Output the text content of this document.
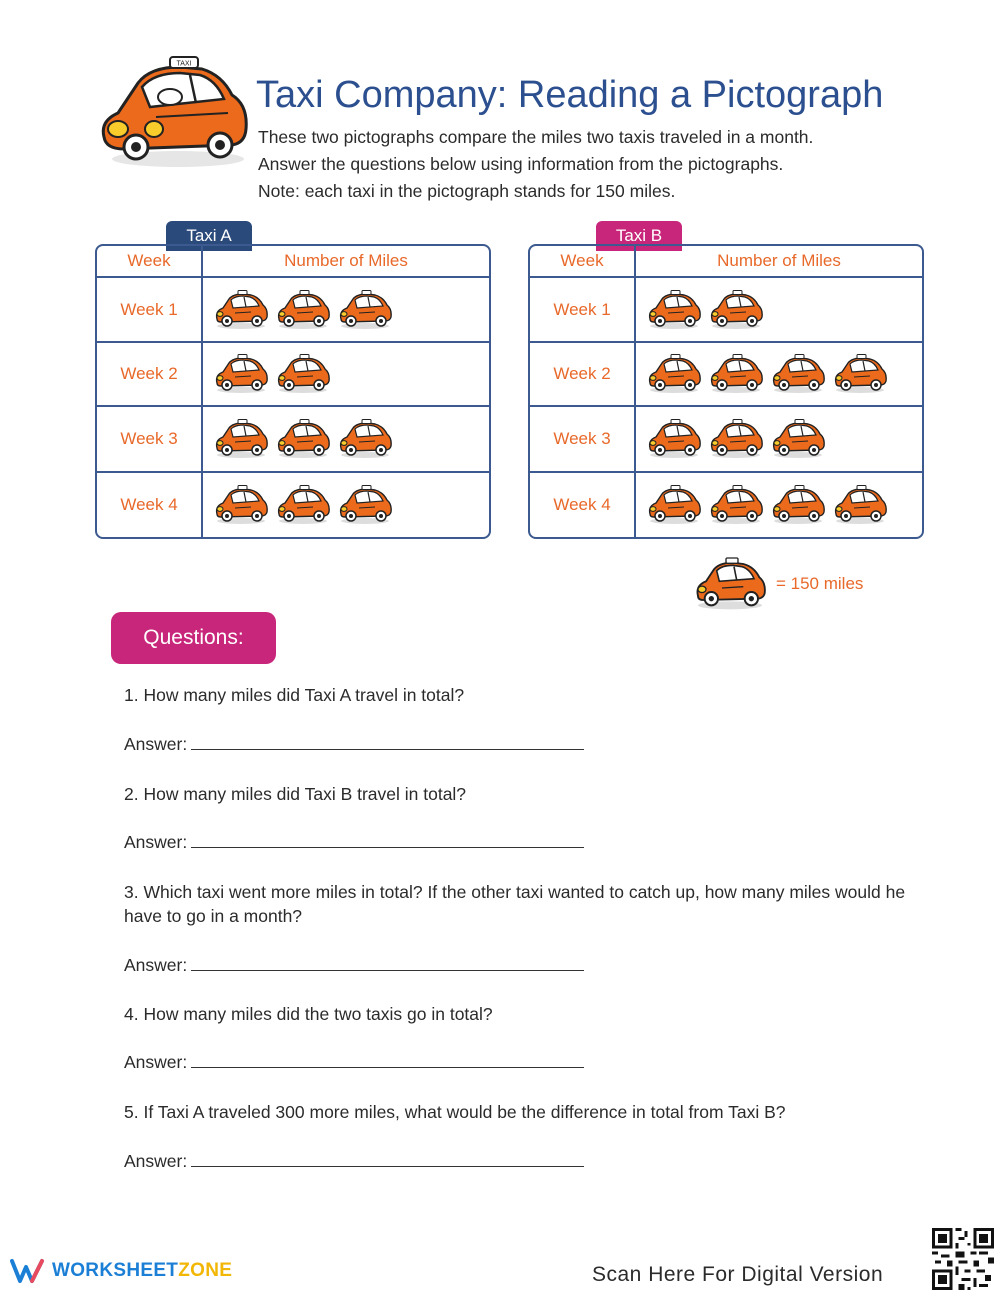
TAXI
Taxi Company: Reading a Pictograph
These two pictographs compare the miles two taxis traveled in a month.
Answer the questions below using information from the pictographs.
Note: each taxi in the pictograph stands for 150 miles.
Taxi A
Week	Number of Miles
Week 1	

Week 2	

Week 3	

Week 4	
Taxi B
Week	Number of Miles
Week 1	

Week 2	

Week 3	

Week 4	
= 150 miles
Questions:
1. How many miles did Taxi A travel in total?
Answer:
2. How many miles did Taxi B travel in total?
Answer:
3. Which taxi went more miles in total? If the other taxi wanted to catch up, how many miles would he have to go in a month?
Answer:
4. How many miles did the two taxis go in total?
Answer:
5. If Taxi A traveled 300 more miles, what would be the difference in total from Taxi B?
Answer:
WORKSHEETZONE	Scan Here For Digital Version
